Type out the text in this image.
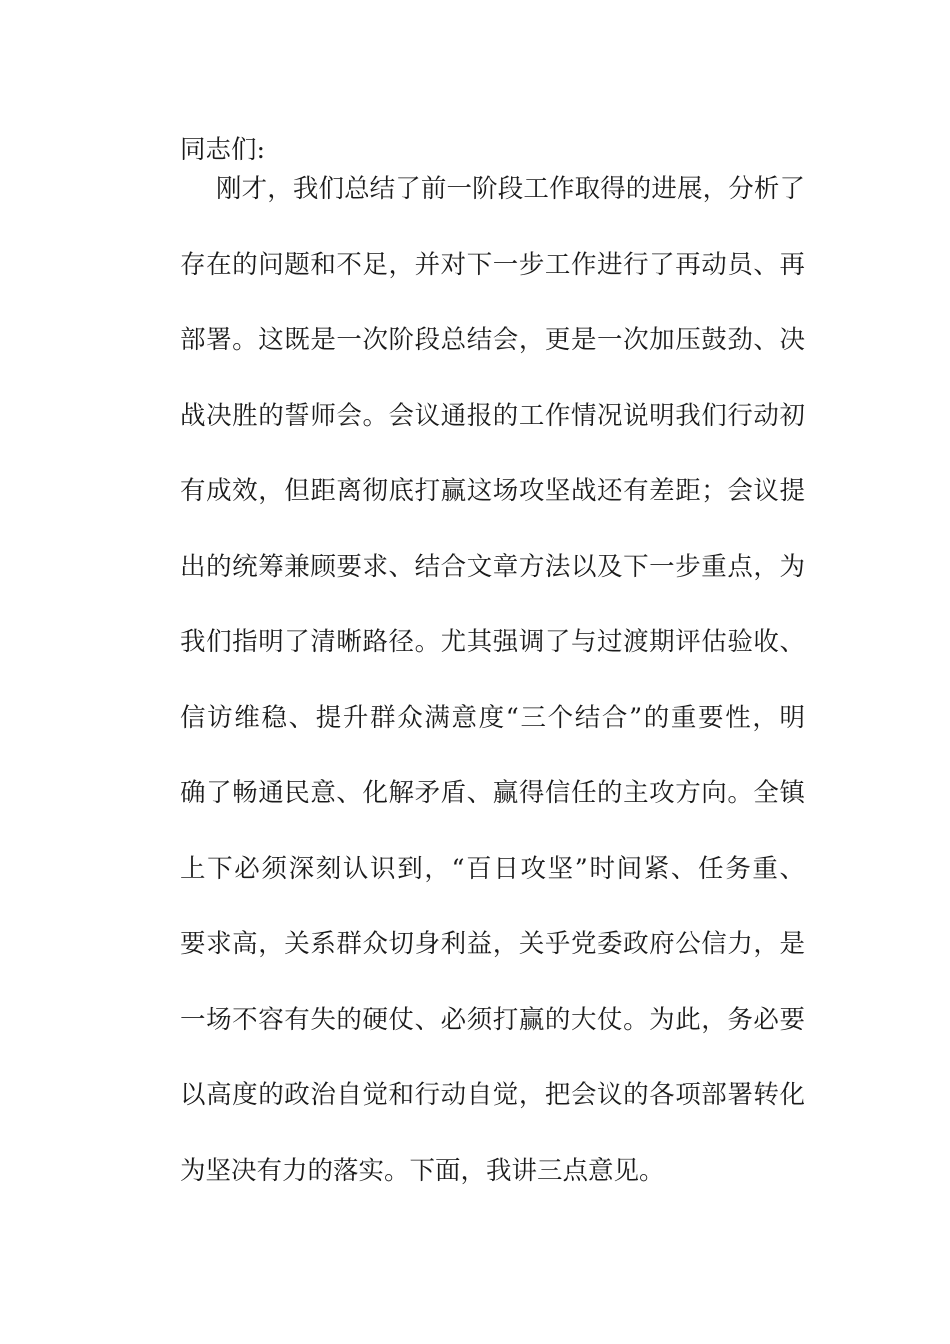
同志们:
刚才，我们总结了前一阶段工作取得的进展，分析了
存在的问题和不足，并对下一步工作进行了再动员、再
部署。这既是一次阶段总结会，更是一次加压鼓劲、决
战决胜的誓师会。会议通报的工作情况说明我们行动初
有成效，但距离彻底打赢这场攻坚战还有差距；会议提
出的统筹兼顾要求、结合文章方法以及下一步重点，为
我们指明了清晰路径。尤其强调了与过渡期评估验收、
信访维稳、提升群众满意度“三个结合”的重要性，明
确了畅通民意、化解矛盾、赢得信任的主攻方向。全镇
上下必须深刻认识到，“百日攻坚”时间紧、任务重、
要求高，关系群众切身利益，关乎党委政府公信力，是
一场不容有失的硬仗、必须打赢的大仗。为此，务必要
以高度的政治自觉和行动自觉，把会议的各项部署转化
为坚决有力的落实。下面，我讲三点意见。
